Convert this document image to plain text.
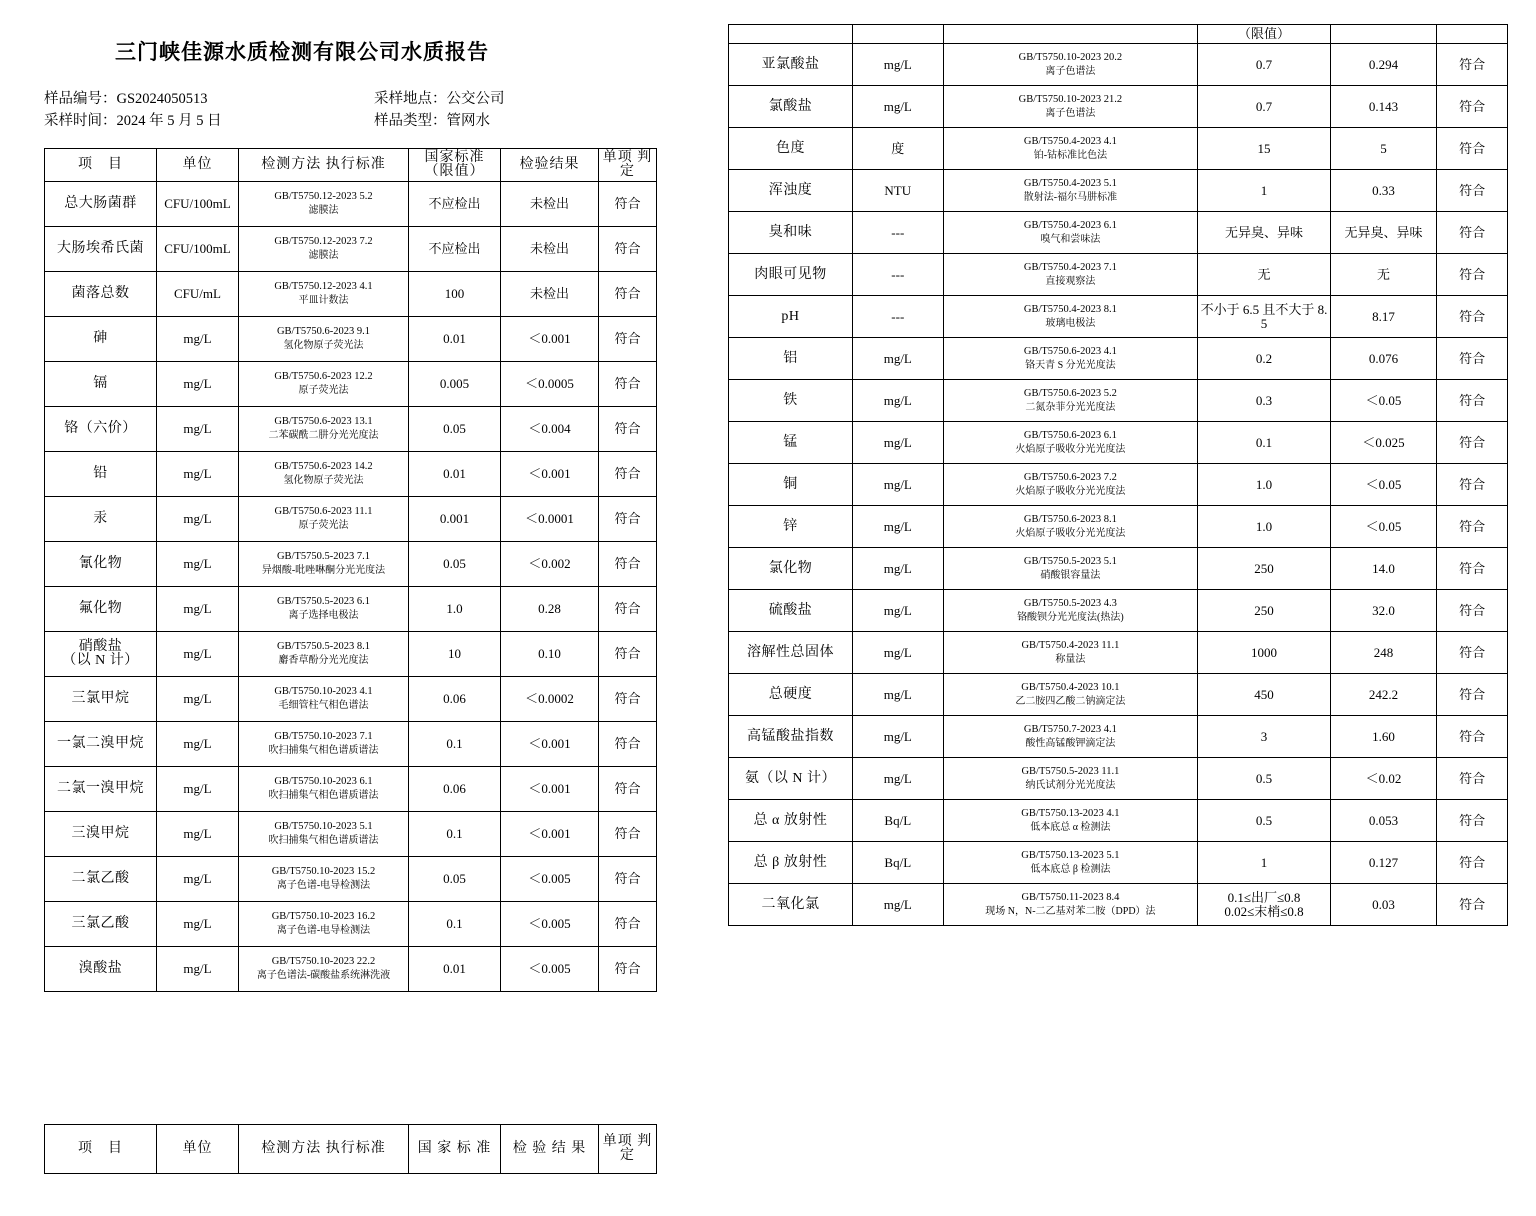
三门峡佳源水质检测有限公司水质报告
样品编号：GS2024050513	采样地点：公交公司
采样时间：2024 年 5 月 5 日	样品类型：管网水
项　目	单位	检测方法 执行标准	国家标准 （限值）	检验结果	单项 判定

总大肠菌群	CFU/100mL	GB/T5750.12-2023 5.2
滤膜法	不应检出	未检出	符合

大肠埃希氏菌	CFU/100mL	GB/T5750.12-2023 7.2
滤膜法	不应检出	未检出	符合

菌落总数	CFU/mL	GB/T5750.12-2023 4.1
平皿计数法	100	未检出	符合

砷	mg/L	GB/T5750.6-2023 9.1
氢化物原子荧光法	0.01	＜0.001	符合

镉	mg/L	GB/T5750.6-2023 12.2
原子荧光法	0.005	＜0.0005	符合

铬（六价）	mg/L	GB/T5750.6-2023 13.1
二苯碳酰二肼分光光度法	0.05	＜0.004	符合

铅	mg/L	GB/T5750.6-2023 14.2
氢化物原子荧光法	0.01	＜0.001	符合

汞	mg/L	GB/T5750.6-2023 11.1
原子荧光法	0.001	＜0.0001	符合

氰化物	mg/L	GB/T5750.5-2023 7.1
异烟酸-吡唑啉酮分光光度法	0.05	＜0.002	符合

氟化物	mg/L	GB/T5750.5-2023 6.1
离子选择电极法	1.0	0.28	符合

硝酸盐
（以 N 计）	mg/L	GB/T5750.5-2023 8.1
麝香草酚分光光度法	10	0.10	符合

三氯甲烷	mg/L	GB/T5750.10-2023 4.1
毛细管柱气相色谱法	0.06	＜0.0002	符合

一氯二溴甲烷	mg/L	GB/T5750.10-2023 7.1
吹扫捕集气相色谱质谱法	0.1	＜0.001	符合

二氯一溴甲烷	mg/L	GB/T5750.10-2023 6.1
吹扫捕集气相色谱质谱法	0.06	＜0.001	符合

三溴甲烷	mg/L	GB/T5750.10-2023 5.1
吹扫捕集气相色谱质谱法	0.1	＜0.001	符合

二氯乙酸	mg/L	GB/T5750.10-2023 15.2
离子色谱-电导检测法	0.05	＜0.005	符合

三氯乙酸	mg/L	GB/T5750.10-2023 16.2
离子色谱-电导检测法	0.1	＜0.005	符合

溴酸盐	mg/L	GB/T5750.10-2023 22.2
离子色谱法-碳酸盐系统淋洗液	0.01	＜0.005	符合
项　目	单位	检测方法 执行标准	国 家 标 准	检 验 结 果	单项 判定
			（限值）		

亚氯酸盐	mg/L	GB/T5750.10-2023 20.2
离子色谱法	0.7	0.294	符合

氯酸盐	mg/L	GB/T5750.10-2023 21.2
离子色谱法	0.7	0.143	符合

色度	度	GB/T5750.4-2023 4.1
铂-钴标准比色法	15	5	符合

浑浊度	NTU	GB/T5750.4-2023 5.1
散射法-福尔马肼标准	1	0.33	符合

臭和味	---	GB/T5750.4-2023 6.1
嗅气和尝味法	无异臭、异味	无异臭、异味	符合

肉眼可见物	---	GB/T5750.4-2023 7.1
直接观察法	无	无	符合

pH	---	GB/T5750.4-2023 8.1
玻璃电极法	不小于 6.5 且不大于 8.5	8.17	符合

铝	mg/L	GB/T5750.6-2023 4.1
铬天青 S 分光光度法	0.2	0.076	符合

铁	mg/L	GB/T5750.6-2023 5.2
二氮杂菲分光光度法	0.3	＜0.05	符合

锰	mg/L	GB/T5750.6-2023 6.1
火焰原子吸收分光光度法	0.1	＜0.025	符合

铜	mg/L	GB/T5750.6-2023 7.2
火焰原子吸收分光光度法	1.0	＜0.05	符合

锌	mg/L	GB/T5750.6-2023 8.1
火焰原子吸收分光光度法	1.0	＜0.05	符合

氯化物	mg/L	GB/T5750.5-2023 5.1
硝酸银容量法	250	14.0	符合

硫酸盐	mg/L	GB/T5750.5-2023 4.3
铬酸钡分光光度法(热法)	250	32.0	符合

溶解性总固体	mg/L	GB/T5750.4-2023 11.1
称量法	1000	248	符合

总硬度	mg/L	GB/T5750.4-2023 10.1
乙二胺四乙酸二钠滴定法	450	242.2	符合

高锰酸盐指数	mg/L	GB/T5750.7-2023 4.1
酸性高锰酸钾滴定法	3	1.60	符合

氨（以 N 计）	mg/L	GB/T5750.5-2023 11.1
纳氏试剂分光光度法	0.5	＜0.02	符合

总 α 放射性	Bq/L	GB/T5750.13-2023 4.1
低本底总 α 检测法	0.5	0.053	符合

总 β 放射性	Bq/L	GB/T5750.13-2023 5.1
低本底总 β 检测法	1	0.127	符合

二氧化氯	mg/L	GB/T5750.11-2023 8.4
现场 N，N-二乙基对苯二胺（DPD）法	0.1≤出厂≤0.8
0.02≤末梢≤0.8	0.03	符合
